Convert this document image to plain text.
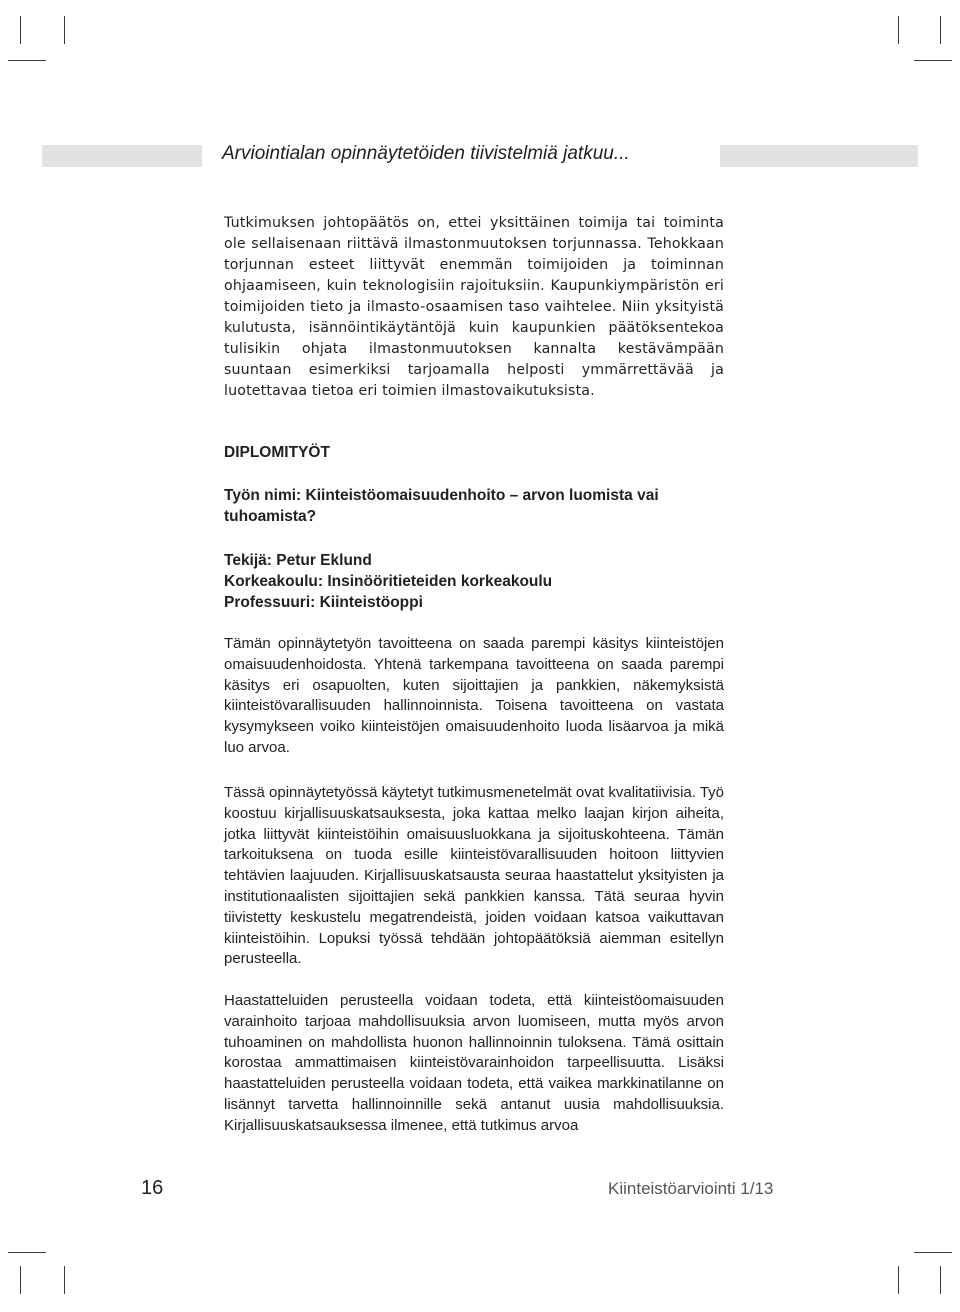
Arviointialan opinnäytetöiden tiivistelmiä jatkuu...

Tutkimuksen johtopäätös on, ettei yksittäinen toimija tai toiminta ole sellaisenaan riittävä ilmastonmuutoksen torjunnassa. Tehokkaan torjunnan esteet liittyvät enemmän toimijoiden ja toiminnan ohjaamiseen, kuin teknologisiin rajoituksiin. Kaupunkiympäristön eri toimijoiden tieto ja ilmasto-osaamisen taso vaihtelee. Niin yksityistä kulutusta, isännöintikäytäntöjä kuin kaupunkien päätöksentekoa tulisikin ohjata ilmastonmuutoksen kannalta kestävämpään suuntaan esimerkiksi tarjoamalla helposti ymmärrettävää ja luotettavaa tietoa eri toimien ilmastovaikutuksista.

DIPLOMITYÖT
Työn nimi: Kiinteistöomaisuudenhoito – arvon luomista vai tuhoamista?
Tekijä: Petur Eklund
Korkeakoulu: Insinööritieteiden korkeakoulu
Professuuri: Kiinteistöoppi

Tämän opinnäytetyön tavoitteena on saada parempi käsitys kiinteistöjen omaisuudenhoidosta. Yhtenä tarkempana tavoitteena on saada parempi käsitys eri osapuolten, kuten sijoittajien ja pankkien, näkemyksistä kiinteistövarallisuuden hallinnoinnista. Toisena tavoitteena on vastata kysymykseen voiko kiinteistöjen omaisuudenhoito luoda lisäarvoa ja mikä luo arvoa.

Tässä opinnäytetyössä käytetyt tutkimusmenetelmät ovat kvalitatiivisia. Työ koostuu kirjallisuuskatsauksesta, joka kattaa melko laajan kirjon aiheita, jotka liittyvät kiinteistöihin omaisuusluokkana ja sijoituskohteena. Tämän tarkoituksena on tuoda esille kiinteistövarallisuuden hoitoon liittyvien tehtävien laajuuden. Kirjallisuuskatsausta seuraa haastattelut yksityisten ja institutionaalisten sijoittajien sekä pankkien kanssa. Tätä seuraa hyvin tiivistetty keskustelu megatrendeistä, joiden voidaan katsoa vaikuttavan kiinteistöihin. Lopuksi työssä tehdään johtopäätöksiä aiemman esitellyn perusteella.

Haastatteluiden perusteella voidaan todeta, että kiinteistöomaisuuden varainhoito tarjoaa mahdollisuuksia arvon luomiseen, mutta myös arvon tuhoaminen on mahdollista huonon hallinnoinnin tuloksena. Tämä osittain korostaa ammattimaisen kiinteistövarainhoidon tarpeellisuutta. Lisäksi haastatteluiden perusteella voidaan todeta, että vaikea markkinatilanne on lisännyt tarvetta hallinnoinnille sekä antanut uusia mahdollisuuksia. Kirjallisuuskatsauksessa ilmenee, että tutkimus arvoa

16	Kiinteistöarviointi 1/13
